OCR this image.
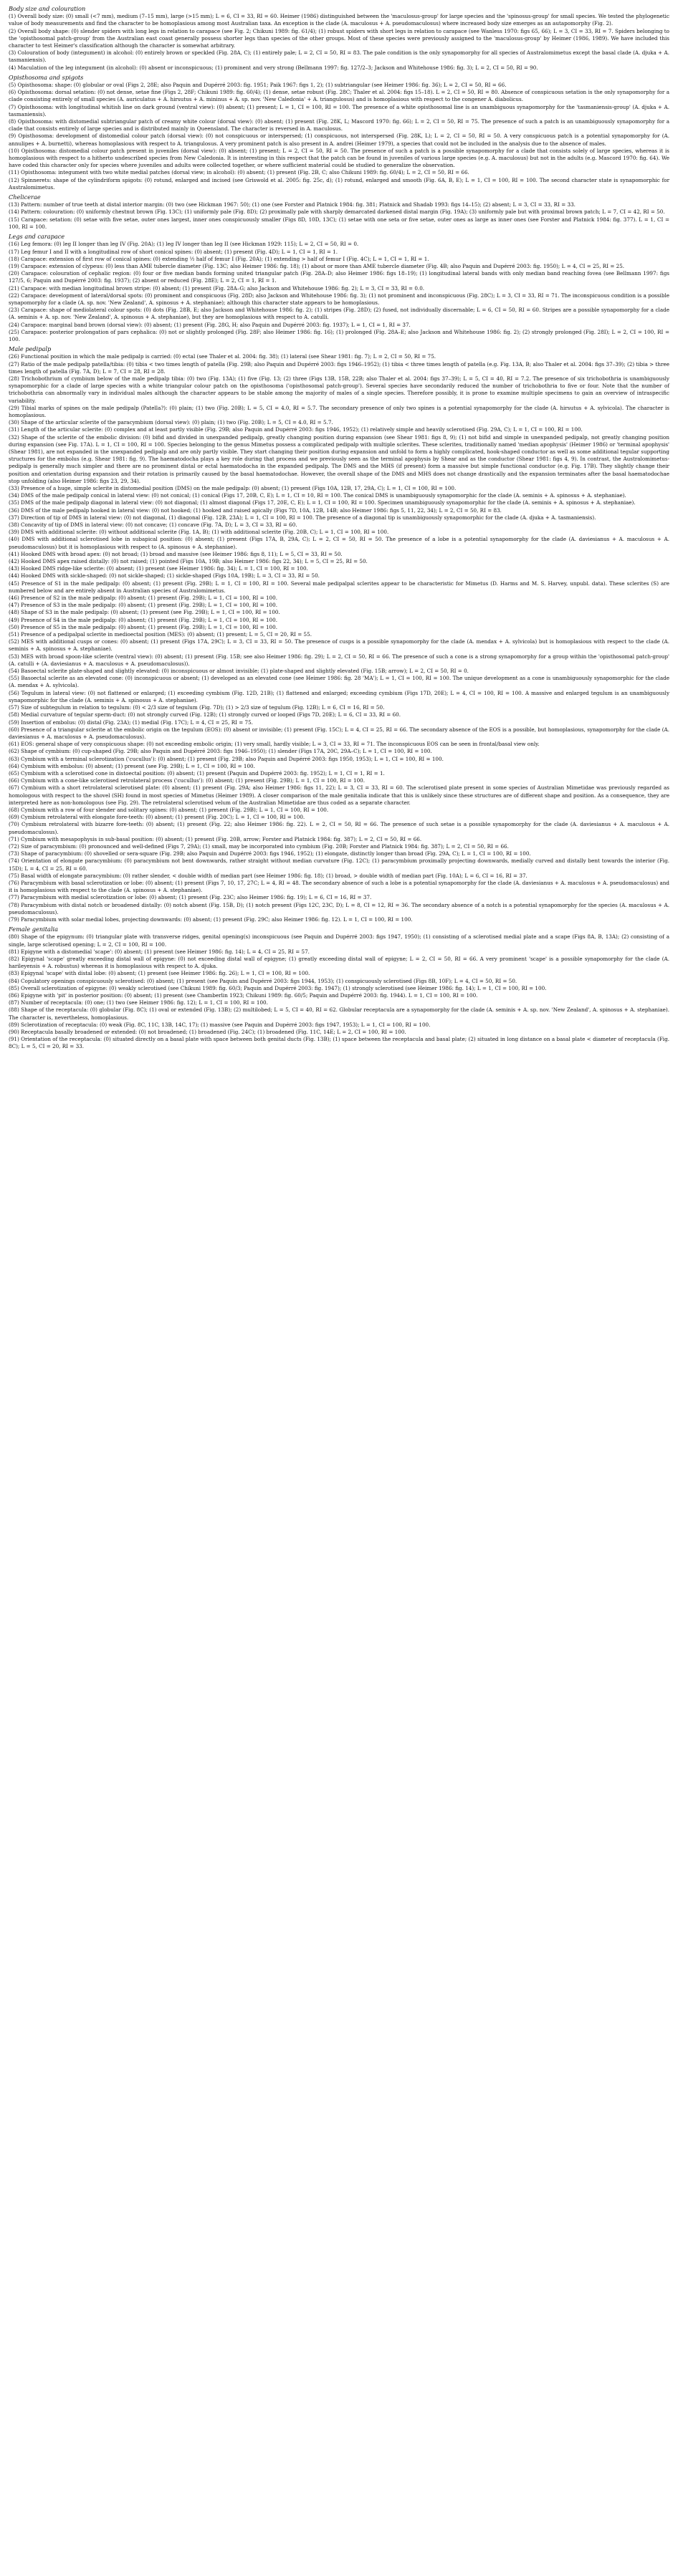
Body size and colouration

(1) Overall body size: (0) small (<7 mm), medium (7–15 mm), large (>15 mm); L = 6, CI = 33, RI = 60. Heimer (1986) distinguished between the 'maculosus-group' for large species and the 'spinosus-group' for small species. We tested the phylogenetic value of body measurements and find the character to be homoplasious among most Australian taxa. An exception is the clade (A. maculosus + A. pseudomaculosus) where increased body size emerges as an autapomorphy (Fig. 2).

(2) Overall body shape: (0) slender spiders with long legs in relation to carapace (see Fig. 2; Chikuni 1989: fig. 61/4); (1) robust spiders with short legs in relation to carapace (see Wanless 1970: figs 65, 66); L = 3, CI = 33, RI = 7. Spiders belonging to the 'opisthosomal patch-group' from the Australian east coast generally possess shorter legs than species of the other groups. Most of these species were previously assigned to the 'maculosus-group' by Heimer (1986, 1989). We have included this character to test Heimer's classification although the character is somewhat arbitrary.

(3) Colouration of body (integument) in alcohol: (0) entirely brown or speckled (Fig. 28A, C); (1) entirely pale; L = 2, CI = 50, RI = 83. The pale condition is the only synapomorphy for all species of Australomimetus except the basal clade (A. djuka + A. tasmaniensis).

(4) Maculation of the leg integument (in alcohol): (0) absent or inconspicuous; (1) prominent and very strong (Bellmann 1997: fig. 127/2–3; Jackson and Whitehouse 1986: fig. 3); L = 2, CI = 50, RI = 90.

Opisthosoma and spigots

(5) Opisthosoma: shape: (0) globular or oval (Figs 2, 28E; also Paquin and Dupérré 2003: fig. 1951; Paik 1967: figs 1, 2); (1) subtriangular (see Heimer 1986: fig. 36); L = 2, CI = 50, RI = 66.

(6) Opisthosoma: dorsal setation: (0) not dense, setae fine (Figs 2, 28F; Chikuni 1989: fig. 60/4); (1) dense, setae robust (Fig. 28C; Thaler et al. 2004: figs 15–18). L = 2, CI = 50, RI = 80. Absence of conspicuous setation is the only synapomorphy for a clade consisting entirely of small species (A. auriculatus + A. hirsutus + A. mininus + A. sp. nov. 'New Caledonia' + A. triangulosus) and is homoplasious with respect to the congener A. diabolicus.

(7) Opisthosoma: with longitudinal whitish line on dark ground (ventral view): (0) absent; (1) present; L = 1, CI = 100, RI = 100. The presence of a white opisthosomal line is an unambiguous synapomorphy for the 'tasmaniensis-group' (A. djuka + A. tasmaniensis).

(8) Opisthosoma: with distomedial subtriangular patch of creamy white colour (dorsal view): (0) absent; (1) present (Fig. 28K, L; Mascord 1970: fig. 66); L = 2, CI = 50, RI = 75. The presence of such a patch is an unambiguously synapomorphy for a clade that consists entirely of large species and is distributed mainly in Queensland. The character is reversed in A. maculosus.

(9) Opisthosoma: development of distomedial colour patch (dorsal view): (0) not conspicuous or interspersed; (1) conspicuous, not interspersed (Fig. 28K, L); L = 2, CI = 50, RI = 50. A very conspicuous patch is a potential synapomorphy for (A. annulipes + A. burnetti), whereas homoplasious with respect to A. triangulosus. A very prominent patch is also present in A. andrei (Heimer 1979), a species that could not be included in the analysis due to the absence of males.

(10) Opisthosoma: distomedial colour patch present in juveniles (dorsal view): (0) absent; (1) present; L = 2, CI = 50, RI = 50. The presence of such a patch is a possible synapomorphy for a clade that consists solely of large species, whereas it is homoplasious with respect to a hitherto undescribed species from New Caledonia. It is interesting in this respect that the patch can be found in juveniles of various large species (e.g. A. maculosus) but not in the adults (e.g. Mascord 1970: fig. 64). We have coded this character only for species where juveniles and adults were collected together, or where sufficient material could be studied to generalize the observation.

(11) Opisthosoma: integument with two white medial patches (dorsal view; in alcohol): (0) absent; (1) present (Fig. 2B, C; also Chikuni 1989: fig. 60/4); L = 2, CI = 50, RI = 66.

(12) Spinnerets: shape of the cylindriform spigots: (0) rotund, enlarged and incised (see Griswold et al. 2005: fig. 25c, d); (1) rotund, enlarged and smooth (Fig. 6A, B, E); L = 1, CI = 100, RI = 100. The second character state is synapomorphic for Australomimetus.

Chelicerae

(13) Pattern: number of true teeth at distal interior margin: (0) two (see Hickman 1967: 50); (1) one (see Forster and Platnick 1984: fig. 381; Platnick and Shadab 1993: figs 14–15); (2) absent; L = 3, CI = 33, RI = 33.

(14) Pattern: colouration: (0) uniformly chestnut brown (Fig. 13C); (1) uniformly pale (Fig. 8D); (2) proximally pale with sharply demarcated darkened distal margin (Fig. 19A); (3) uniformly pale but with proximal brown patch; L = 7, CI = 42, RI = 50.

(15) Carapace: setation: (0) setae with five setae, outer ones largest, inner ones conspicuously smaller (Figs 8D, 10D, 13C); (1) setae with one seta or five setae, outer ones as large as inner ones (see Forster and Platnick 1984: fig. 377). L = 1, CI = 100, RI = 100.

Legs and carapace

(16) Leg femora: (0) leg II longer than leg IV (Fig. 20A); (1) leg IV longer than leg II (see Hickman 1929: 115); L = 2, CI = 50, RI = 0.

(17) Leg femur I and II with a longitudinal row of short conical spines: (0) absent; (1) present (Fig. 4D); L = 1, CI = 1, RI = 1.

(18) Carapace: extension of first row of conical spines: (0) extending ½ half of femur I (Fig. 20A); (1) extending > half of femur I (Fig. 4C); L = 1, CI = 1, RI = 1.

(19) Carapace: extension of clypeus: (0) less than AME tubercle diameter (Fig. 13C; also Heimer 1986: fig. 18); (1) about or more than AME tubercle diameter (Fig. 4B; also Paquin and Dupérré 2003: fig. 1950); L = 4, CI = 25, RI = 25.

(20) Carapace: colouration of cephalic region: (0) four or five median bands forming united triangular patch (Fig. 28A–D; also Heimer 1986: figs 18–19); (1) longitudinal lateral bands with only median band reaching fovea (see Bellmann 1997: figs 127/5, 6; Paquin and Dupérré 2003: fig. 1937); (2) absent or reduced (Fig. 28E); L = 2, CI = 1, RI = 1.

(21) Carapace: with median longitudinal brown stripe: (0) absent; (1) present (Fig. 28A–G; also Jackson and Whitehouse 1986: fig. 2); L = 3, CI = 33, RI = 0.0.

(22) Carapace: development of lateral/dorsal spots: (0) prominent and conspicuous (Fig. 28D; also Jackson and Whitehouse 1986: fig. 3); (1) not prominent and inconspicuous (Fig. 28C); L = 3, CI = 33, RI = 71. The inconspicuous condition is a possible synapomorphy for a clade (A. sp. nov. 'New Zealand', A. spinosus + A. stephaniae); although this character state appears to be homoplasious.

(23) Carapace: shape of mediolateral colour spots: (0) dots (Fig. 28B, E; also Jackson and Whitehouse 1986: fig. 2); (1) stripes (Fig. 28D); (2) fused, not individually discernable; L = 6, CI = 50, RI = 60. Stripes are a possible synapomorphy for a clade (A. seminis + A. sp. nov. 'New Zealand', A. spinosus + A. stephaniae), but they are homoplasious with respect to A. catulli.

(24) Carapace: marginal band brown (dorsal view): (0) absent; (1) present (Fig. 28G, H; also Paquin and Dupérré 2003: fig. 1937); L = 1, CI = 1, RI = 37.

(25) Carapace: posterior prolongation of pars cephalica: (0) not or slightly prolonged (Fig. 28F; also Heimer 1986: fig. 16); (1) prolonged (Fig. 28A–E; also Jackson and Whitehouse 1986: fig. 2); (2) strongly prolonged (Fig. 28I); L = 2, CI = 100, RI = 100.

Male pedipalp

(26) Functional position in which the male pedipalp is carried: (0) ectal (see Thaler et al. 2004: fig. 38); (1) lateral (see Shear 1981: fig. 7); L = 2, CI = 50, RI = 75.

(27) Ratio of the male pedipalp patella/tibia: (0) tibia < two times length of patella (Fig. 29B; also Paquin and Dupérré 2003: figs 1946–1952); (1) tibia < three times length of patella (e.g. Fig. 13A, B; also Thaler et al. 2004: figs 37–39); (2) tibia > three times length of patella (Fig. 7A, D); L = 7, CI = 28, RI = 28.

(28) Trichobothrium of cymbium below of the male pedipalp tibia: (0) two (Fig. 13A); (1) five (Fig. 13; (2) three (Figs 13B, 15B, 22B; also Thaler et al. 2004: figs 37–39); L = 5, CI = 40, RI = 7.2. The presence of six trichobothria is unambiguously synapomorphic for a clade of large species with a white triangular colour patch on the opisthosoma ('opisthosomal patch-group'). Several species have secondarily reduced the number of trichobothria to five or four. Note that the number of trichobothria can abnormally vary in individual males although the character appears to be stable among the majority of males of a single species. Therefore possibly, it is prone to examine multiple specimens to gain an overview of intraspecific variability.

(29) Tibial marks of spines on the male pedipalp (Patella?): (0) plain; (1) two (Fig. 20B); L = 5, CI = 4.0, RI = 5.7. The secondary presence of only two spines is a potential synapomorphy for the clade (A. hirsutus + A. sylvicola). The character is homoplasious.

(30) Shape of the articular sclerite of the paracymbium (dorsal view): (0) plain; (1) two (Fig. 20B); L = 5, CI = 4.0, RI = 5.7.

(31) Length of the articular sclerite: (0) complex and at least partly visible (Fig. 29B; also Paquin and Dupérré 2003: figs 1946, 1952); (1) relatively simple and heavily sclerotised (Fig. 29A, C); L = 1, CI = 100, RI = 100.

(32) Shape of the sclerite of the embolic division: (0) bifid and divided in unexpanded pedipalp, greatly changing position during expansion (see Shear 1981: figs 8, 9); (1) not bifid and simple in unexpanded pedipalp, not greatly changing position during expansion (see Fig. 17A). L = 1, CI = 100, RI = 100. Species belonging to the genus Mimetus possess a complicated pedipalp with multiple sclerites. These sclerites, traditionally named 'median apophysis' (Heimer 1986) or 'terminal apophysis' (Shear 1981), are not expanded in the unexpanded pedipalp and are only partly visible. They start changing their position during expansion and unfold to form a highly complicated, hook-shaped conductor as well as some additional tegular supporting structures for the embolus (e.g. Shear 1981: fig. 9). The haematodocha plays a key role during that process and we previously seen as the terminal apophysis by Shear and as the conductor (Shear 1981: figs 4, 9). In contrast, the Australomimetus-pedipalp is generally much simpler and there are no prominent distal or ectal haematodocha in the expanded pedipalp. The DMS and the MHS (if present) form a massive but simple functional conductor (e.g. Fig. 17B). They slightly change their position and orientation during expansion and their rotation is primarily caused by the basal haematodochae. However, the overall shape of the DMS and MHS does not change drastically and the expansion terminates after the basal haematodochae stop unfolding (also Heimer 1986: figs 23, 29, 34).

(33) Presence of a huge, simple sclerite in distomedial position (DMS) on the male pedipalp: (0) absent; (1) present (Figs 10A, 12B, 17, 29A, C); L = 1, CI = 100, RI = 100.

(34) DMS of the male pedipalp conical in lateral view: (0) not conical; (1) conical (Figs 17, 20B, C, E); L = 1, CI = 10, RI = 100. The conical DMS is unambiguously synapomorphic for the clade (A. seminis + A. spinosus + A. stephaniae).

(35) DMS of the male pedipalp diagonal in lateral view: (0) not diagonal; (1) almost diagonal (Figs 17, 20E, C, E); L = 1, CI = 100, RI = 100. Specimen unambiguously synapomorphic for the clade (A. seminis + A. spinosus + A. stephaniae).

(36) DMS of the male pedipalp hooked in lateral view: (0) not hooked; (1) hooked and raised apically (Figs 7D, 10A, 12B, 14B; also Heimer 1986: figs 5, 11, 22, 34); L = 2, CI = 50, RI = 83.

(37) Direction of tip of DMS in lateral view: (0) not diagonal, (1) diagonal (Fig. 12B, 23A); L = 1, CI = 100, RI = 100. The presence of a diagonal tip is unambiguously synapomorphic for the clade (A. djuka + A. tasmaniensis).

(38) Concavity of tip of DMS in lateral view: (0) not concave; (1) concave (Fig. 7A, D); L = 3, CI = 33, RI = 60.

(39) DMS with additional sclerite: (0) without additional sclerite (Fig. 1A, B); (1) with additional sclerite (Fig. 20B, C); L = 1, CI = 100, RI = 100.

(40) DMS with additional sclerotised lobe in subapical position: (0) absent; (1) present (Figs 17A, B, 29A, C); L = 2, CI = 50, RI = 50. The presence of a lobe is a potential synapomorphy for the clade (A. daviesianus + A. maculosus + A. pseudomaculosus) but it is homoplasious with respect to (A. spinosus + A. stephaniae).

(41) Hooked DMS with broad apex: (0) not broad; (1) broad and massive (see Heimer 1986: figs 8, 11); L = 5, CI = 33, RI = 50.

(42) Hooked DMS apex raised distally: (0) not raised; (1) pointed (Figs 10A, 19B; also Heimer 1986: figs 22, 34); L = 5, CI = 25, RI = 50.

(43) Hooked DMS ridge-like sclerite: (0) absent; (1) present (see Heimer 1986: fig. 34); L = 1, CI = 100, RI = 100.

(44) Hooked DMS with sickle-shaped: (0) not sickle-shaped; (1) sickle-shaped (Figs 10A, 19B); L = 3, CI = 33, RI = 50.

(45) Presence of S1 in the male pedipalp: (0) absent; (1) present (Fig. 29B); L = 1, CI = 100, RI = 100. Several male pedipalpal sclerites appear to be characteristic for Mimetus (D. Harms and M. S. Harvey, unpubl. data). These sclerites (S) are numbered below and are entirely absent in Australian species of Australomimetus.

(46) Presence of S2 in the male pedipalp: (0) absent; (1) present (Fig. 29B); L = 1, CI = 100, RI = 100.

(47) Presence of S3 in the male pedipalp: (0) absent; (1) present (Fig. 29B); L = 1, CI = 100, RI = 100.

(48) Shape of S3 in the male pedipalp: (0) absent; (1) present (see Fig. 29B); L = 1, CI = 100, RI = 100.

(49) Presence of S4 in the male pedipalp: (0) absent; (1) present (Fig. 29B); L = 1, CI = 100, RI = 100.

(50) Presence of S5 in the male pedipalp: (0) absent; (1) present (Fig. 29B); L = 1, CI = 100, RI = 100.

(51) Presence of a pedipalpal sclerite in medioectal position (MES): (0) absent; (1) present; L = 5, CI = 20, RI = 55.

(52) MES with additional cusps or cones: (0) absent; (1) present (Figs 17A, 29C); L = 3, CI = 33, RI = 50. The presence of cusps is a possible synapomorphy for the clade (A. mendax + A. sylvicola) but is homoplasious with respect to the clade (A. seminis + A. spinosus + A. stephaniae).

(53) MES with broad spoon-like sclerite (ventral view): (0) absent; (1) present (Fig. 15B; see also Heimer 1986: fig. 29); L = 2, CI = 50, RI = 66. The presence of such a cone is a strong synapomorphy for a group within the 'opisthosomal patch-group' (A. catulli + (A. daviesianus + A. maculosus + A. pseudomaculosus)).

(54) Basoectal sclerite plate-shaped and slightly elevated: (0) inconspicuous or almost invisible; (1) plate-shaped and slightly elevated (Fig. 15B; arrow); L = 2, CI = 50, RI = 0.

(55) Basoectal sclerite as an elevated cone: (0) inconspicuous or absent; (1) developed as an elevated cone (see Heimer 1986: fig. 28 'MA'); L = 1, CI = 100, RI = 100. The unique development as a cone is unambiguously synapomorphic for the clade (A. mendax + A. sylvicola).

(56) Tegulum in lateral view: (0) not flattened or enlarged; (1) exceeding cymbium (Fig. 12D, 21B); (1) flattened and enlarged; exceeding cymbium (Figs 17D, 20E); L = 4, CI = 100, RI = 100. A massive and enlarged tegulum is an unambiguously synapomorphic for the clade (A. seminis + A. spinosus + A. stephaniae).

(57) Size of subtegulum in relation to tegulum: (0) < 2/3 size of tegulum (Fig. 7D); (1) > 2/3 size of tegulum (Fig. 12B); L = 6, CI = 16, RI = 50.

(58) Medial curvature of tegular sperm-duct: (0) not strongly curved (Fig. 12B); (1) strongly curved or looped (Figs 7D, 20E); L = 6, CI = 33, RI = 60.

(59) Insertion of embolus: (0) distal (Fig. 23A); (1) medial (Fig. 17C); L = 4, CI = 25, RI = 75.

(60) Presence of a triangular sclerite at the embolic origin on the tegulum (EOS): (0) absent or invisible; (1) present (Fig. 15C); L = 4, CI = 25, RI = 66. The secondary absence of the EOS is a possible, but homoplasious, synapomorphy for the clade (A. daviesianus + A. maculosus + A. pseudomaculosus).

(61) EOS: general shape of very conspicuous shape: (0) not exceeding embolic origin; (1) very small, hardly visible; L = 3, CI = 33, RI = 71. The inconspicuous EOS can be seen in frontal/basal view only.

(62) Shape of cymbium: (0) cup-shaped (Fig. 29B; also Paquin and Dupérré 2003: figs 1946–1950); (1) slender (Figs 17A, 20C, 29A–C); L = 1, CI = 100, RI = 100.

(63) Cymbium with a terminal sclerotization ('cucullus'): (0) absent; (1) present (Fig. 29B; also Paquin and Dupérré 2003: figs 1950, 1953); L = 1, CI = 100, RI = 100.

(64) Cymbium with embolus: (0) absent; (1) present (see Fig. 29B); L = 1, CI = 100, RI = 100.

(65) Cymbium with a sclerotised cone in distoectal position: (0) absent; (1) present (Paquin and Dupérré 2003: fig. 1952); L = 1, CI = 1, RI = 1.

(66) Cymbium with a cone-like sclerotised retrolateral process ('cucullus'): (0) absent; (1) present (Fig. 29B); L = 1, CI = 100, RI = 100.

(67) Cymbium with a short retrolateral sclerotised plate: (0) absent; (1) present (Fig. 29A; also Heimer 1986: figs 11, 22); L = 3, CI = 33, RI = 60. The sclerotised plate present in some species of Australian Mimetidae was previously regarded as homologous with respect to the shovel (SH) found in most species of Mimetus (Heimer 1989). A closer comparison of the male genitalia indicate that this is unlikely since these structures are of different shape and position. As a consequence, they are interpreted here as non-homologous (see Fig. 29). The retrolateral sclerotised velum of the Australian Mimetidae are thus coded as a separate character.

(68) Cymbium with a row of four slender and solitary spines: (0) absent; (1) present (Fig. 29B); L = 1, CI = 100, RI = 100.

(69) Cymbium retrolateral with elongate fore-teeth: (0) absent; (1) present (Fig. 20C); L = 1, CI = 100, RI = 100.

(70) Cymbium retrolateral with bizarre fore-teeth: (0) absent; (1) present (Fig. 22; also Heimer 1986: fig. 22). L = 2, CI = 50, RI = 66. The presence of such setae is a possible synapomorphy for the clade (A. daviesianus + A. maculosus + A. pseudomaculosus).

(71) Cymbium with mesapophysis in sub-basal position: (0) absent; (1) present (Fig. 20B, arrow; Forster and Platnick 1984: fig. 387); L = 2, CI = 50, RI = 66.

(72) Size of paracymbium: (0) pronounced and well-defined (Figs 7, 29A); (1) small, may be incorporated into cymbium (Fig. 20B; Forster and Platnick 1984: fig. 387); L = 2, CI = 50, RI = 66.

(73) Shape of paracymbium: (0) shovelled or sera-square (Fig. 29B; also Paquin and Dupérré 2003: figs 1946, 1952); (1) elongate, distinctly longer than broad (Fig. 29A, C); L = 1, CI = 100, RI = 100.

(74) Orientation of elongate paracymbium: (0) paracymbium not bent downwards, rather straight without median curvature (Fig. 12C); (1) paracymbium proximally projecting downwards, medially curved and distally bent towards the interior (Fig. 15D); L = 4, CI = 25, RI = 60.

(75) Basal width of elongate paracymbium: (0) rather slender, < double width of median part (see Heimer 1986: fig. 18); (1) broad, > double width of median part (Fig. 10A); L = 6, CI = 16, RI = 37.

(76) Paracymbium with basal sclerotization or lobe: (0) absent; (1) present (Figs 7, 10, 17, 27C; L = 4, RI = 48. The secondary absence of such a lobe is a potential synapomorphy for the clade (A. daviesianus + A. maculosus + A. pseudomaculosus) and it is homoplasious with respect to the clade (A. spinosus + A. stephaniae).

(77) Paracymbium with medial sclerotization or lobe: (0) absent; (1) present (Fig. 23C; also Heimer 1986: fig. 19); L = 6, CI = 16, RI = 37.

(78) Paracymbium with distal notch or broadened distally: (0) notch absent (Fig. 15B, D); (1) notch present (Figs 12C, 23C, D); L = 8, CI = 12, RI = 36. The secondary absence of a notch is a potential synapomorphy for the species (A. maculosus + A. pseudomaculosus).

(79) Paracymbium with solar medial lobes, projecting downwards: (0) absent; (1) present (Fig. 29C; also Heimer 1986: fig. 12). L = 1, CI = 100, RI = 100.

Female genitalia

(80) Shape of the epigynum: (0) triangular plate with transverse ridges, genital opening(s) inconspicuous (see Paquin and Dupérré 2003: figs 1947, 1950); (1) consisting of a sclerotised medial plate and a scape (Figs 8A, B, 13A); (2) consisting of a single, large sclerotised opening; L = 2, CI = 100, RI = 100.

(81) Epigyne with a distomedial 'scape': (0) absent; (1) present (see Heimer 1986: fig. 14); L = 4, CI = 25, RI = 57.

(82) Epigynal 'scape' greatly exceeding distal wall of epigyne: (0) not exceeding distal wall of epigyne; (1) greatly exceeding distal wall of epigyne; L = 2, CI = 50, RI = 66. A very prominent 'scape' is a possible synapomorphy for the clade (A. harileyensis + A. robustus) whereas it is homoplasious with respect to A. djuka.

(83) Epigynal 'scape' with distal lobe: (0) absent; (1) present (see Heimer 1986: fig. 26); L = 1, CI = 100, RI = 100.

(84) Copulatory openings conspicuously sclerotised: (0) absent; (1) present (see Paquin and Dupérré 2003: figs 1944, 1953); (1) conspicuously sclerotised (Figs 8B, 10F); L = 4, CI = 50, RI = 50.

(85) Overall sclerotization of epigyne: (0) weakly sclerotised (see Chikuni 1989: fig. 60/3; Paquin and Dupérré 2003: fig. 1947); (1) strongly sclerotised (see Heimer 1986: fig. 14); L = 1, CI = 100, RI = 100.

(86) Epigyne with 'pit' in posterior position: (0) absent; (1) present (see Chamberlin 1923; Chikuni 1989: fig. 60/5; Paquin and Dupérré 2003: fig. 1944). L = 1, CI = 100, RI = 100.

(87) Number of receptacula: (0) one; (1) two (see Heimer 1986: fig. 12); L = 1, CI = 100, RI = 100.

(88) Shape of the receptacula: (0) globular (Fig. 8C); (1) oval or extended (Fig. 13B); (2) multilobed; L = 5, CI = 40, RI = 62. Globular receptacula are a synapomorphy for the clade (A. seminis + A. sp. nov. 'New Zealand', A. spinosus + A. stephaniae). The character is, nevertheless, homoplasious.

(89) Sclerotization of receptacula: (0) weak (Fig. 8C, 11C, 13B, 14C, 17); (1) massive (see Paquin and Dupérré 2003: figs 1947, 1953); L = 1, CI = 100, RI = 100.

(90) Receptacula basally broadened or extended: (0) not broadened; (1) broadened (Fig. 24C); (1) broadened (Fig. 11C, 14E; L = 2, CI = 100, RI = 100.

(91) Orientation of the receptacula: (0) situated directly on a basal plate with space between both genital ducts (Fig. 13B); (1) space between the receptacula and basal plate; (2) situated in long distance on a basal plate < diameter of receptacula (Fig. 8C); L = 5, CI = 20, RI = 33.
